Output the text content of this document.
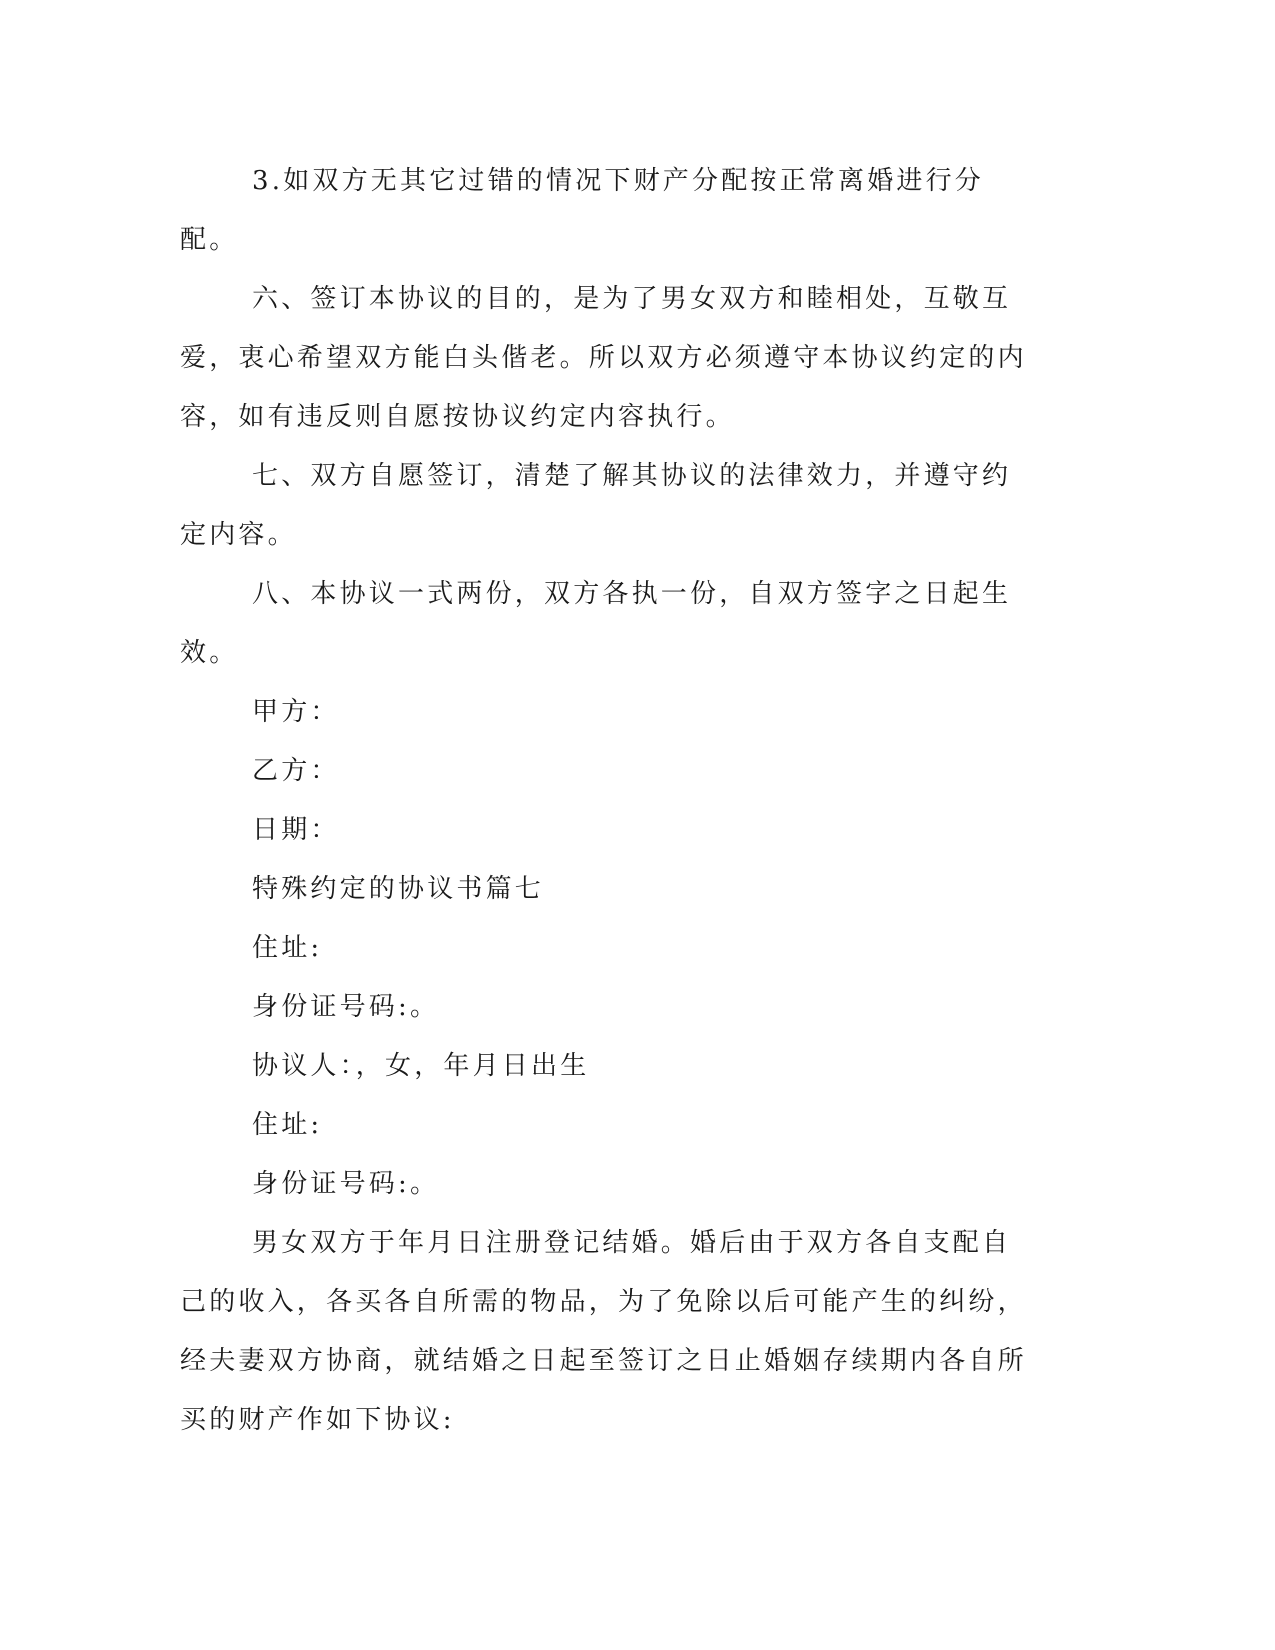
3.如双方无其它过错的情况下财产分配按正常离婚进行分配。

六、签订本协议的目的，是为了男女双方和睦相处，互敬互爱，衷心希望双方能白头偕老。所以双方必须遵守本协议约定的内容，如有违反则自愿按协议约定内容执行。

七、双方自愿签订，清楚了解其协议的法律效力，并遵守约定内容。

八、本协议一式两份，双方各执一份，自双方签字之日起生效。

甲方：

乙方：

日期：

特殊约定的协议书篇七

住址:

身份证号码:。

协议人：，女，年月日出生

住址:

身份证号码:。

男女双方于年月日注册登记结婚。婚后由于双方各自支配自己的收入，各买各自所需的物品，为了免除以后可能产生的纠纷，经夫妻双方协商，就结婚之日起至签订之日止婚姻存续期内各自所买的财产作如下协议:
